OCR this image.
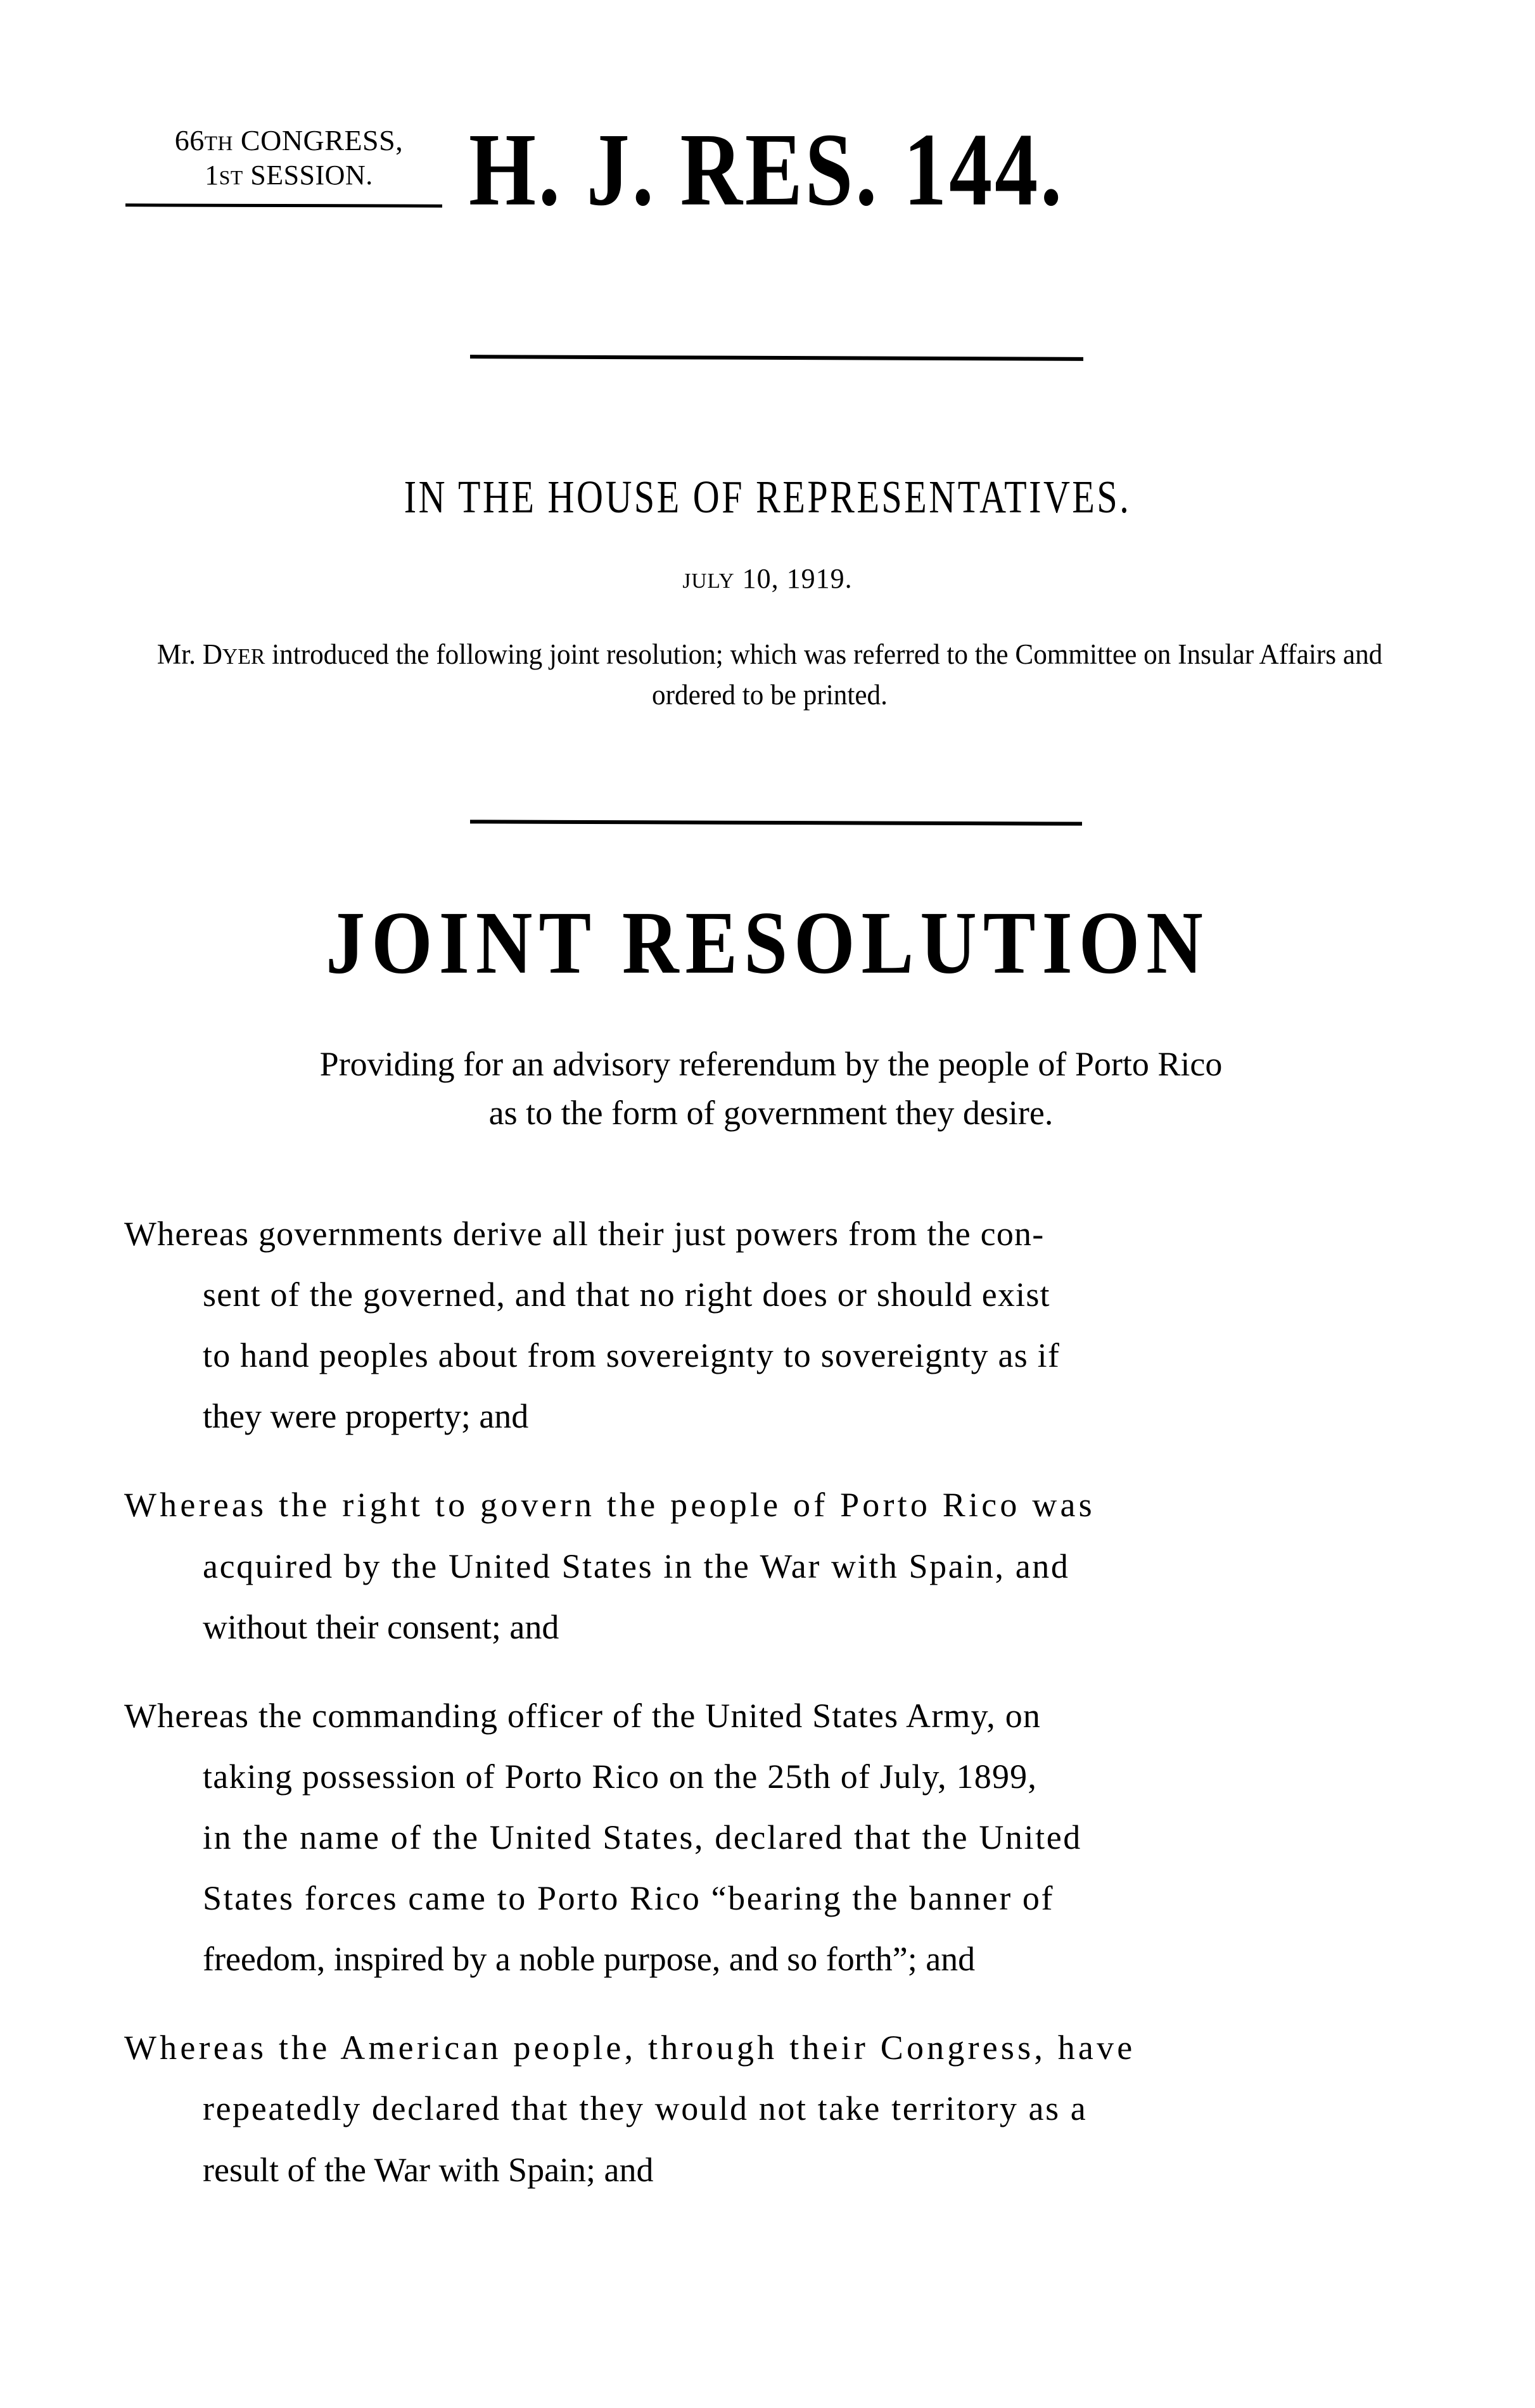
66TH CONGRESS,
1ST SESSION.	H. J. RES. 144.
IN THE HOUSE OF REPRESENTATIVES.
JULY 10, 1919.
Mr. DYER introduced the following joint resolution; which was referred to the Committee on Insular Affairs and ordered to be printed.
JOINT RESOLUTION
Providing for an advisory referendum by the people of Porto Rico
as to the form of government they desire.

Whereas governments derive all their just powers from the con-
sent of the governed, and that no right does or should exist
to hand peoples about from sovereignty to sovereignty as if
they were property; and

Whereas the right to govern the people of Porto Rico was
acquired by the United States in the War with Spain, and
without their consent; and

Whereas the commanding officer of the United States Army, on
taking possession of Porto Rico on the 25th of July, 1899,
in the name of the United States, declared that the United
States forces came to Porto Rico “bearing the banner of
freedom, inspired by a noble purpose, and so forth”; and

Whereas the American people, through their Congress, have
repeatedly declared that they would not take territory as a
result of the War with Spain; and
